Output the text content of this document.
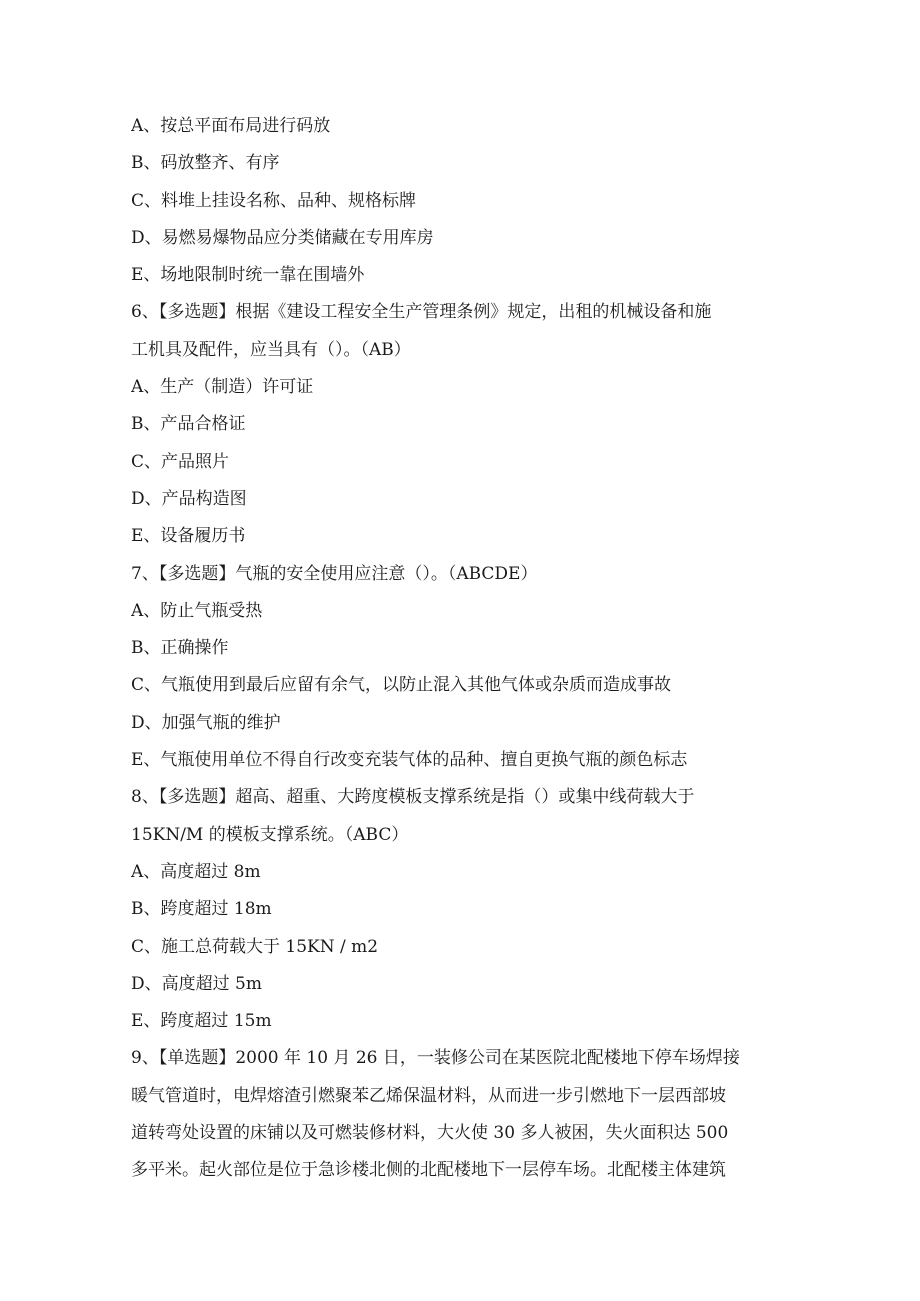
A、按总平面布局进行码放
B、码放整齐、有序
C、料堆上挂设名称、品种、规格标牌
D、易燃易爆物品应分类储藏在专用库房
E、场地限制时统一靠在围墙外
6、【多选题】根据《建设工程安全生产管理条例》规定，出租的机械设备和施
工机具及配件，应当具有（）。（AB）
A、生产（制造）许可证
B、产品合格证
C、产品照片
D、产品构造图
E、设备履历书
7、【多选题】气瓶的安全使用应注意（）。（ABCDE）
A、防止气瓶受热
B、正确操作
C、气瓶使用到最后应留有余气，以防止混入其他气体或杂质而造成事故
D、加强气瓶的维护
E、气瓶使用单位不得自行改变充装气体的品种、擅自更换气瓶的颜色标志
8、【多选题】超高、超重、大跨度模板支撑系统是指（）或集中线荷载大于
15KN/M 的模板支撑系统。（ABC）
A、高度超过 8m
B、跨度超过 18m
C、施工总荷载大于 15KN / m2
D、高度超过 5m
E、跨度超过 15m
9、【单选题】2000 年 10 月 26 日，一装修公司在某医院北配楼地下停车场焊接
暖气管道时，电焊熔渣引燃聚苯乙烯保温材料，从而进一步引燃地下一层西部坡
道转弯处设置的床铺以及可燃装修材料，大火使 30 多人被困，失火面积达 500
多平米。起火部位是位于急诊楼北侧的北配楼地下一层停车场。北配楼主体建筑
